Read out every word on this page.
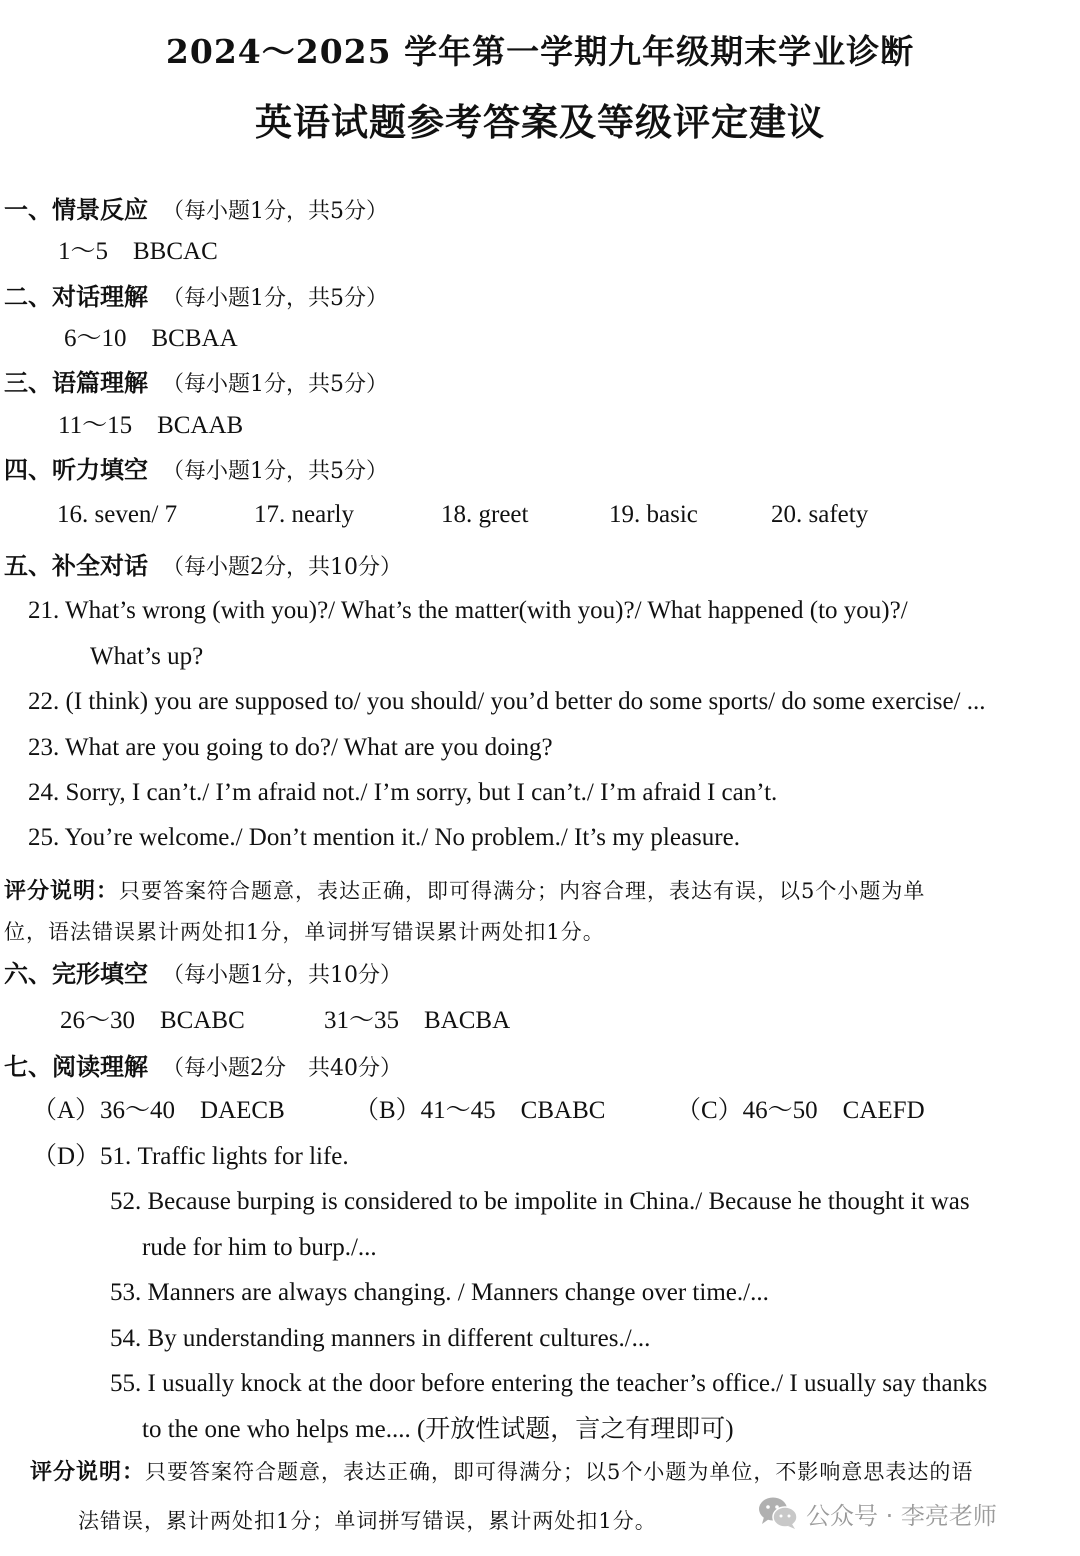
2024～2025 学年第一学期九年级期末学业诊断
英语试题参考答案及等级评定建议
一、情景反应 （每小题1分，共5分）
1～5　BBCAC
二、对话理解 （每小题1分，共5分）
6～10　BCBAA
三、语篇理解 （每小题1分，共5分）
11～15　BCAAB
四、听力填空 （每小题1分，共5分）
16. seven/ 7	17. nearly	18. greet	19. basic	20. safety
五、补全对话 （每小题2分，共10分）
21. What’s wrong (with you)?/ What’s the matter(with you)?/ What happened (to you)?/
What’s up?
22. (I think) you are supposed to/ you should/ you’d better do some sports/ do some exercise/ ...
23. What are you going to do?/ What are you doing?
24. Sorry, I can’t./ I’m afraid not./ I’m sorry, but I can’t./ I’m afraid I can’t.
25. You’re welcome./ Don’t mention it./ No problem./ It’s my pleasure.
评分说明：只要答案符合题意，表达正确，即可得满分；内容合理，表达有误，以5个小题为单
位，语法错误累计两处扣1分，单词拼写错误累计两处扣1分。
六、完形填空 （每小题1分，共10分）
26～30　BCABC	31～35　BACBA
七、阅读理解 （每小题2分　共40分）
（A）36～40　DAECB	（B）41～45　CBABC	（C）46～50　CAEFD
（D）51. Traffic lights for life.
52. Because burping is considered to be impolite in China./ Because he thought it was
rude for him to burp./...
53. Manners are always changing. / Manners change over time./...
54. By understanding manners in different cultures./...
55. I usually knock at the door before entering the teacher’s office./ I usually say thanks
to the one who helps me.... (开放性试题，言之有理即可)
评分说明：只要答案符合题意，表达正确，即可得满分；以5个小题为单位，不影响意思表达的语
法错误，累计两处扣1分；单词拼写错误，累计两处扣1分。	公众号 · 李亮老师
